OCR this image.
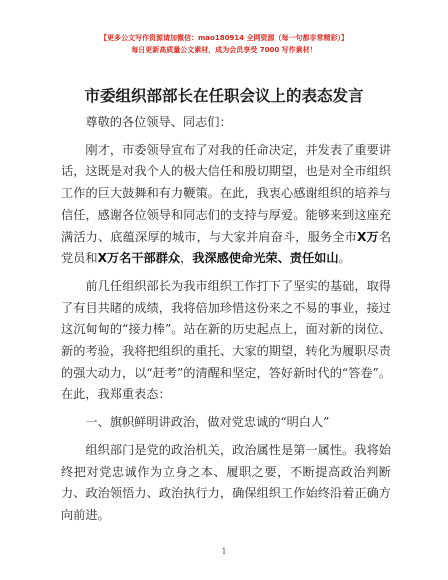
【更多公文写作资源请加微信：mao180914 全网资源（每一句都非常精彩）】
每日更新高质量公文素材，成为会员享受 7000 写作素材！
市委组织部部长在任职会议上的表态发言

尊敬的各位领导、同志们：

刚才，市委领导宣布了对我的任命决定，并发表了重要讲话，这既是对我个人的极大信任和殷切期望，也是对全市组织工作的巨大鼓舞和有力鞭策。在此，我衷心感谢组织的培养与信任，感谢各位领导和同志们的支持与厚爱。能够来到这座充满活力、底蕴深厚的城市，与大家并肩奋斗，服务全市X万名党员和X万名干部群众，我深感使命光荣、责任如山。

前几任组织部长为我市组织工作打下了坚实的基础，取得了有目共睹的成绩，我将倍加珍惜这份来之不易的事业，接过这沉甸甸的“接力棒”。站在新的历史起点上，面对新的岗位、新的考验，我将把组织的重托、大家的期望，转化为履职尽责的强大动力，以“赶考”的清醒和坚定，答好新时代的“答卷”。在此，我郑重表态：

一、旗帜鲜明讲政治，做对党忠诚的“明白人”

组织部门是党的政治机关，政治属性是第一属性。我将始终把对党忠诚作为立身之本、履职之要，不断提高政治判断力、政治领悟力、政治执行力，确保组织工作始终沿着正确方向前进。

1
